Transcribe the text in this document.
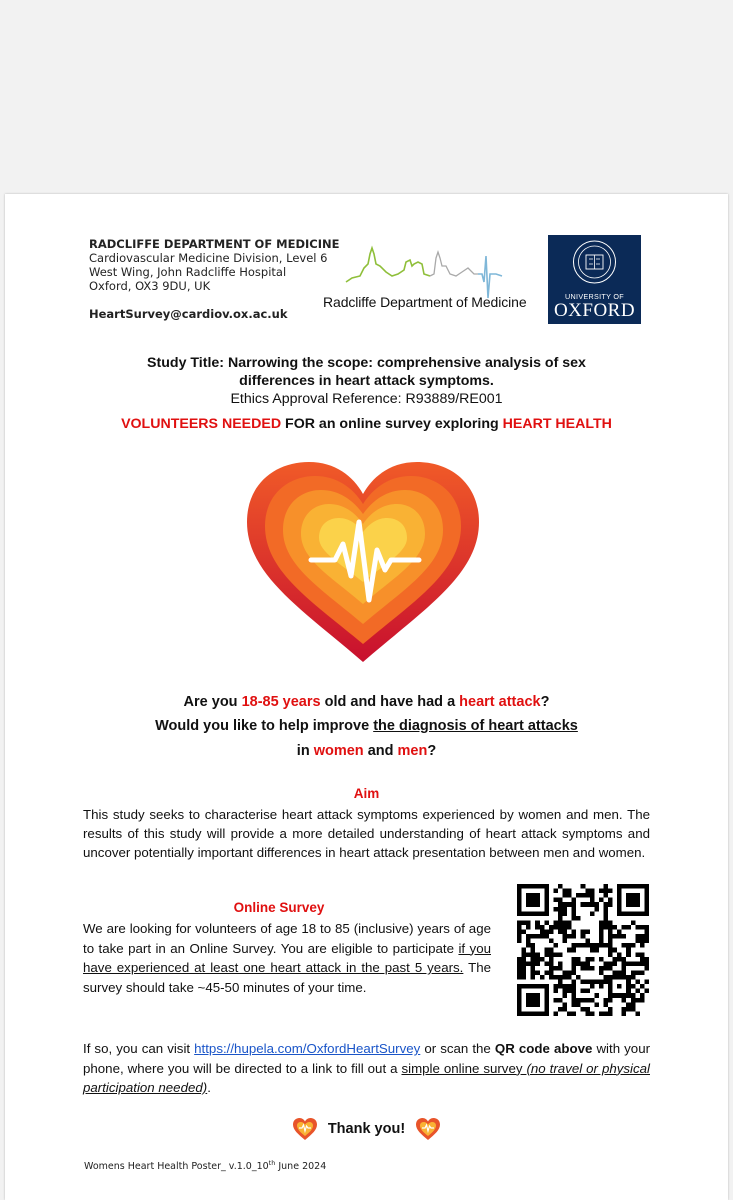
RADCLIFFE DEPARTMENT OF MEDICINE
Cardiovascular Medicine Division, Level 6
West Wing, John Radcliffe Hospital
Oxford, OX3 9DU, UK
HeartSurvey@cardiov.ox.ac.uk
Radcliffe Department of Medicine	UNIVERSITY OF
OXFORD
Study Title: Narrowing the scope: comprehensive analysis of sex
differences in heart attack symptoms.
Ethics Approval Reference: R93889/RE001
VOLUNTEERS NEEDED FOR an online survey exploring HEART HEALTH
Are you 18-85 years old and have had a heart attack?
Would you like to help improve the diagnosis of heart attacks
in women and men?
Aim
This study seeks to characterise heart attack symptoms experienced by women and men. The results of this study will provide a more detailed understanding of heart attack symptoms and uncover potentially important differences in heart attack presentation between men and women.
Online Survey
We are looking for volunteers of age 18 to 85 (inclusive) years of age to take part in an Online Survey. You are eligible to participate if you have experienced at least one heart attack in the past 5 years. The survey should take ~45-50 minutes of your time.
If so, you can visit https://hupela.com/OxfordHeartSurvey or scan the QR code above with your phone, where you will be directed to a link to fill out a simple online survey (no travel or physical participation needed).
Thank you!
Womens Heart Health Poster_ v.1.0_10th June 2024
